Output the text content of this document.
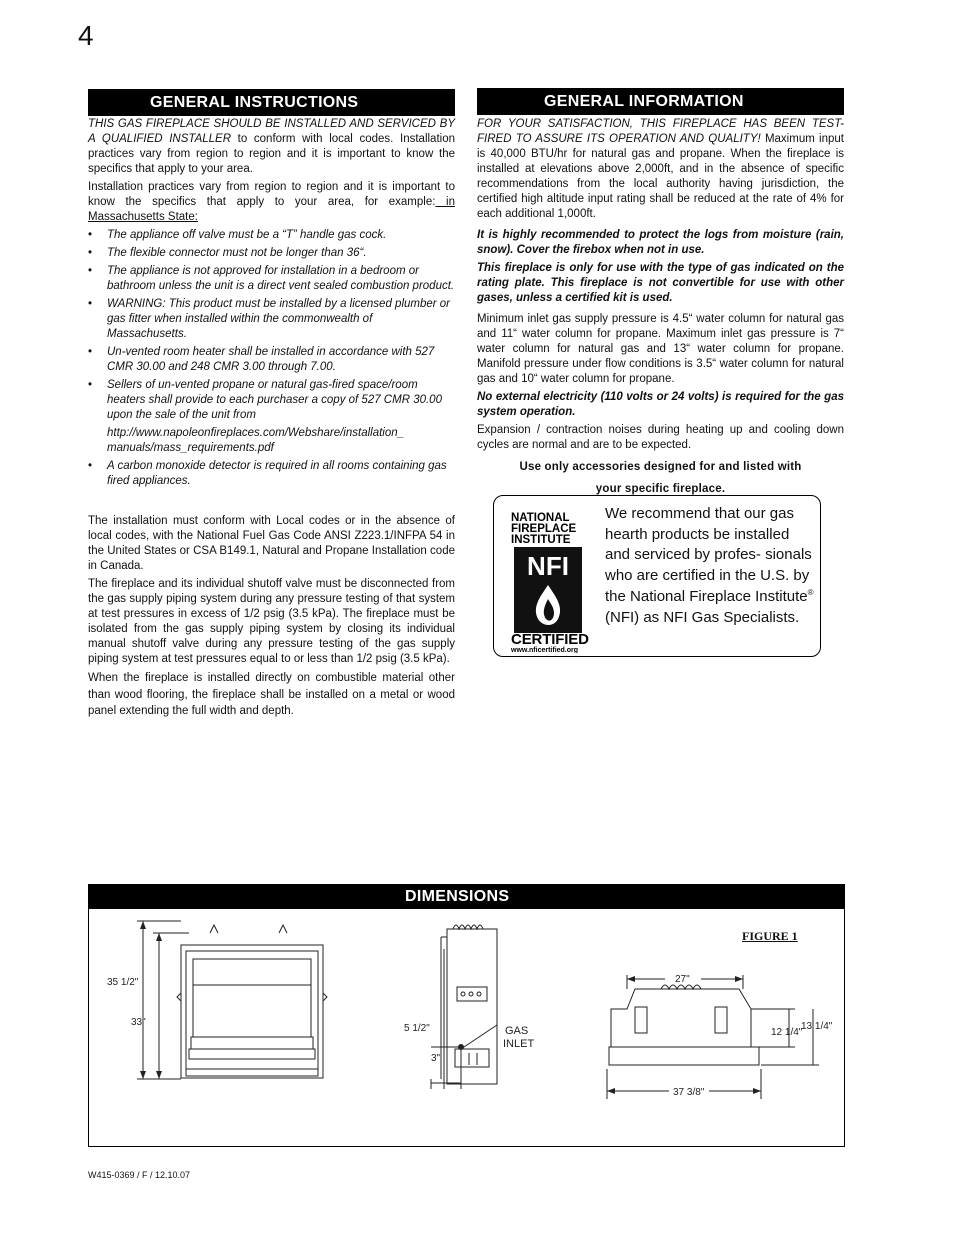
4
GENERAL INSTRUCTIONS	GENERAL INFORMATION

THIS GAS FIREPLACE SHOULD BE INSTALLED AND SERVICED BY A QUALIFIED INSTALLER to conform with local codes. Installation practices vary from region to region and it is important to know the specifics that apply to your area.

Installation practices vary from region to region and it is important to know the specifics that apply to your area, for example: in Massachusetts State:

• The appliance off valve must be a “T” handle gas cock.
• The flexible connector must not be longer than 36“.
• The appliance is not approved for installation in a bedroom or bathroom unless the unit is a direct vent sealed combustion product.
• WARNING: This product must be installed by a licensed plumber or gas fitter when installed within the commonwealth of Massachusetts.
• Un-vented room heater shall be installed in accordance with 527 CMR 30.00 and 248 CMR 3.00 through 7.00.
• Sellers of un-vented propane or natural gas-fired space/room heaters shall provide to each purchaser a copy of 527 CMR 30.00 upon the sale of the unit from
http://www.napoleonfireplaces.com/Webshare/installation_ manuals/mass_requirements.pdf
• A carbon monoxide detector is required in all rooms containing gas fired appliances.

The installation must conform with Local codes or in the absence of local codes, with the National Fuel Gas Code ANSI Z223.1/INFPA 54 in the United States or CSA B149.1, Natural and Propane Installation code in Canada.

The fireplace and its individual shutoff valve must be disconnected from the gas supply piping system during any pressure testing of that system at test pressures in excess of 1/2 psig (3.5 kPa). The fireplace must be isolated from the gas supply piping system by closing its individual manual shutoff valve during any pressure testing of the gas supply piping system at test pressures equal to or less than 1/2 psig (3.5 kPa).

When the fireplace is installed directly on combustible material other than wood flooring, the fireplace shall be installed on a metal or wood panel extending the full width and depth.

FOR YOUR SATISFACTION, THIS FIREPLACE HAS BEEN TEST-FIRED TO ASSURE ITS OPERATION AND QUALITY! Maximum input is 40,000 BTU/hr for natural gas and propane. When the fireplace is installed at elevations above 2,000ft, and in the absence of specific recommendations from the local authority having jurisdiction, the certified high altitude input rating shall be reduced at the rate of 4% for each additional 1,000ft.

It is highly recommended to protect the logs from moisture (rain, snow). Cover the firebox when not in use.

This fireplace is only for use with the type of gas indicated on the rating plate. This fireplace is not convertible for use with other gases, unless a certified kit is used.

Minimum inlet gas supply pressure is 4.5“ water column for natural gas and 11“ water column for propane. Maximum inlet gas pressure is 7“ water column for natural gas and 13“ water column for propane. Manifold pressure under flow conditions is 3.5“ water column for natural gas and 10“ water column for propane.

No external electricity (110 volts or 24 volts) is required for the gas system operation.

Expansion / contraction noises during heating up and cooling down cycles are normal and are to be expected.

Use only accessories designed for and listed with
your specific fireplace.
NATIONAL
FIREPLACE
INSTITUTE
NFI
CERTIFIED
www.nficertified.org
We recommend that our gas hearth products be installed and serviced by profes- sionals who are certified in the U.S. by the National Fireplace Institute® (NFI) as NFI Gas Specialists.
DIMENSIONS
FIGURE 1
35 1/2"
33"
5 1/2"
3"
GAS
INLET
27"
37 3/8"
12 1/4"
13 1/4"
W415-0369 / F / 12.10.07
